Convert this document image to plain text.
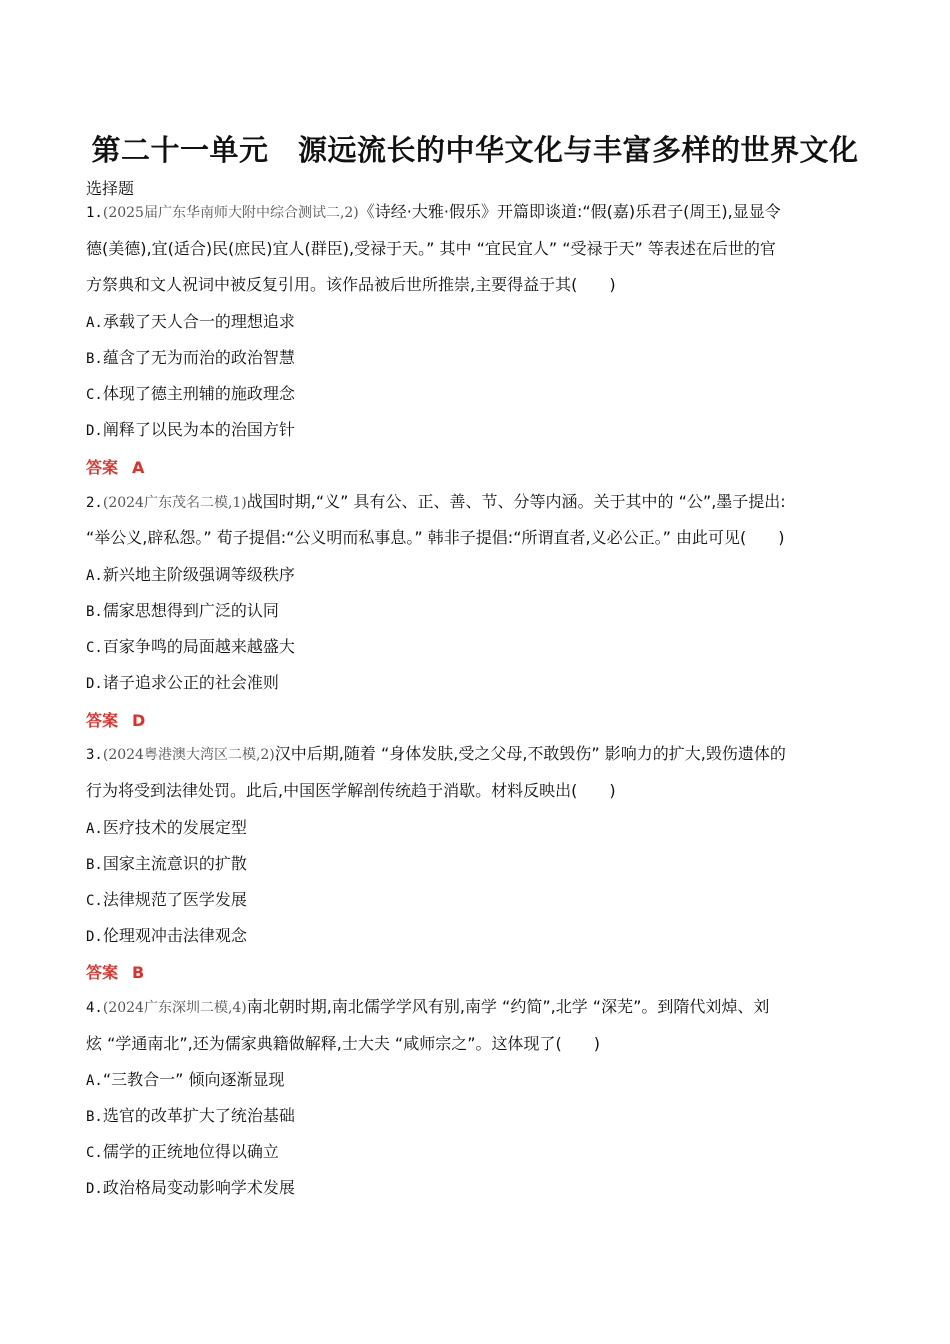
第二十一单元　源远流长的中华文化与丰富多样的世界文化
选择题
1.(2025届广东华南师大附中综合测试二,2)《诗经·大雅·假乐》开篇即谈道:“假(嘉)乐君子(周王),显显令
德(美德),宜(适合)民(庶民)宜人(群臣),受禄于天。” 其中 “宜民宜人” “受禄于天” 等表述在后世的官
方祭典和文人祝词中被反复引用。该作品被后世所推崇,主要得益于其(　　)
A.承载了天人合一的理想追求
B.蕴含了无为而治的政治智慧
C.体现了德主刑辅的施政理念
D.阐释了以民为本的治国方针
答案 A
2.(2024广东茂名二模,1)战国时期,“义” 具有公、正、善、节、分等内涵。关于其中的 “公”,墨子提出:
“举公义,辟私怨。” 荀子提倡:“公义明而私事息。” 韩非子提倡:“所谓直者,义必公正。” 由此可见(　　)
A.新兴地主阶级强调等级秩序
B.儒家思想得到广泛的认同
C.百家争鸣的局面越来越盛大
D.诸子追求公正的社会准则
答案 D
3.(2024粤港澳大湾区二模,2)汉中后期,随着 “身体发肤,受之父母,不敢毁伤” 影响力的扩大,毁伤遗体的
行为将受到法律处罚。此后,中国医学解剖传统趋于消歇。材料反映出(　　)
A.医疗技术的发展定型
B.国家主流意识的扩散
C.法律规范了医学发展
D.伦理观冲击法律观念
答案 B
4.(2024广东深圳二模,4)南北朝时期,南北儒学学风有别,南学 “约简”,北学 “深芜”。到隋代刘焯、刘
炫 “学通南北”,还为儒家典籍做解释,士大夫 “咸师宗之”。这体现了(　　)
A.“三教合一” 倾向逐渐显现
B.选官的改革扩大了统治基础
C.儒学的正统地位得以确立
D.政治格局变动影响学术发展
